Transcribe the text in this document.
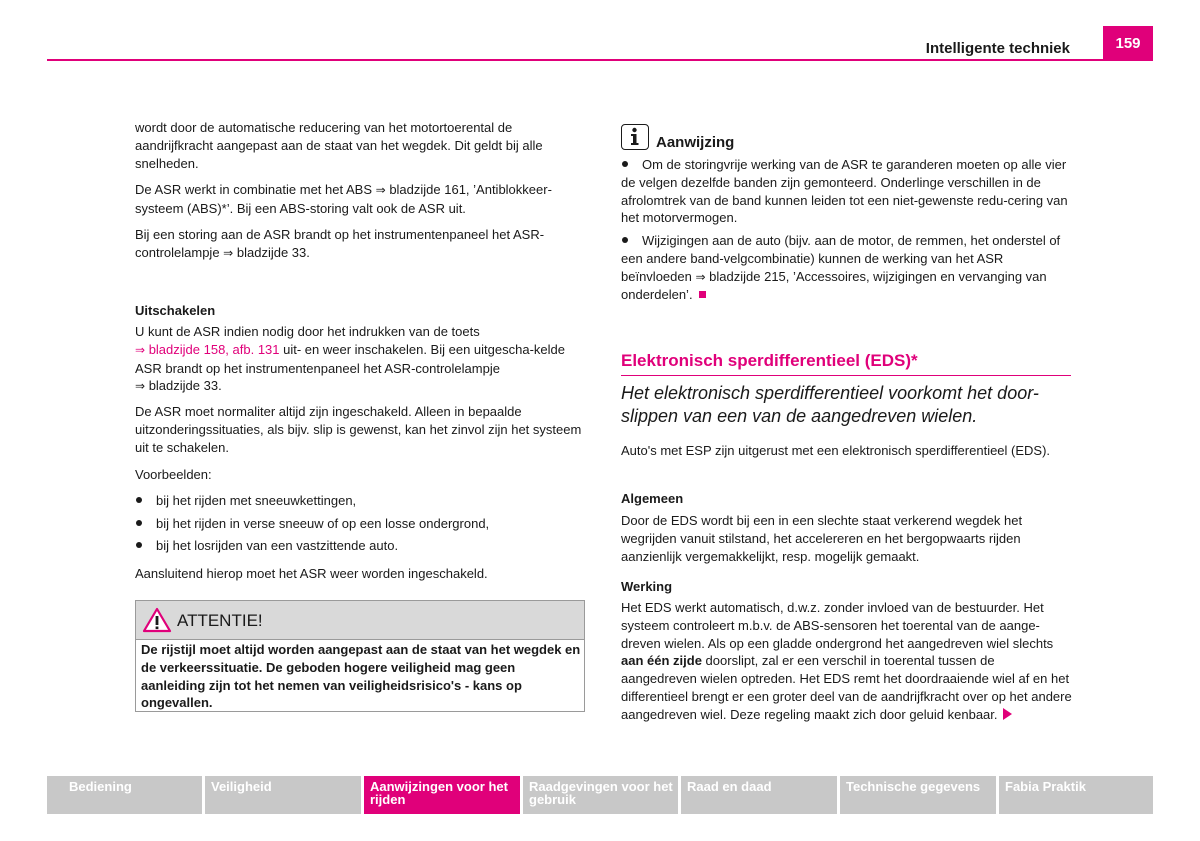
Intelligente techniek	159

wordt door de automatische reducering van het motortoerental de aandrijfkracht aangepast aan de staat van het wegdek. Dit geldt bij alle snelheden.

De ASR werkt in combinatie met het ABS ⇒ bladzijde 161, ’Antiblokkeer-systeem (ABS)*’. Bij een ABS-storing valt ook de ASR uit.

Bij een storing aan de ASR brandt op het instrumentenpaneel het ASR-controlelampje ⇒ bladzijde 33.

Uitschakelen

U kunt de ASR indien nodig door het indrukken van de toets
⇒ bladzijde 158, afb. 131 uit- en weer inschakelen. Bij een uitgescha-kelde ASR brandt op het instrumentenpaneel het ASR-controlelampje
⇒ bladzijde 33.

De ASR moet normaliter altijd zijn ingeschakeld. Alleen in bepaalde uitzonderingssituaties, als bijv. slip is gewenst, kan het zinvol zijn het systeem uit te schakelen.

Voorbeelden:

bij het rijden met sneeuwkettingen,
bij het rijden in verse sneeuw of op een losse ondergrond,
bij het losrijden van een vastzittende auto.

Aansluitend hierop moet het ASR weer worden ingeschakeld.

ATTENTIE!

De rijstijl moet altijd worden aangepast aan de staat van het wegdek en de verkeerssituatie. De geboden hogere veiligheid mag geen aanleiding zijn tot het nemen van veiligheidsrisico's - kans op ongevallen.

Aanwijzing
Om de storingvrije werking van de ASR te garanderen moeten op alle vier de velgen dezelfde banden zijn gemonteerd. Onderlinge verschillen in de afrolomtrek van de band kunnen leiden tot een niet-gewenste redu-cering van het motorvermogen.
Wijzigingen aan de auto (bijv. aan de motor, de remmen, het onderstel of een andere band-velgcombinatie) kunnen de werking van het ASR beïnvloeden ⇒ bladzijde 215, ’Accessoires, wijzigingen en vervanging van onderdelen’.
Elektronisch sperdifferentieel (EDS)*

Het elektronisch sperdifferentieel voorkomt het door-slippen van een van de aangedreven wielen.

Auto's met ESP zijn uitgerust met een elektronisch sperdifferentieel (EDS).

Algemeen

Door de EDS wordt bij een in een slechte staat verkerend wegdek het wegrijden vanuit stilstand, het accelereren en het bergopwaarts rijden aanzienlijk vergemakkelijkt, resp. mogelijk gemaakt.

Werking

Het EDS werkt automatisch, d.w.z. zonder invloed van de bestuurder. Het systeem controleert m.b.v. de ABS-sensoren het toerental van de aange-dreven wielen. Als op een gladde ondergrond het aangedreven wiel slechts aan één zijde doorslipt, zal er een verschil in toerental tussen de aangedreven wielen optreden. Het EDS remt het doordraaiende wiel af en het differentieel brengt er een groter deel van de aandrijfkracht over op het andere aangedreven wiel. Deze regeling maakt zich door geluid kenbaar.

Bediening	Veiligheid	Aanwijzingen voor het rijden
Raadgevingen voor het gebruik
Raad en daad	Technische gegevens	Fabia Praktik
